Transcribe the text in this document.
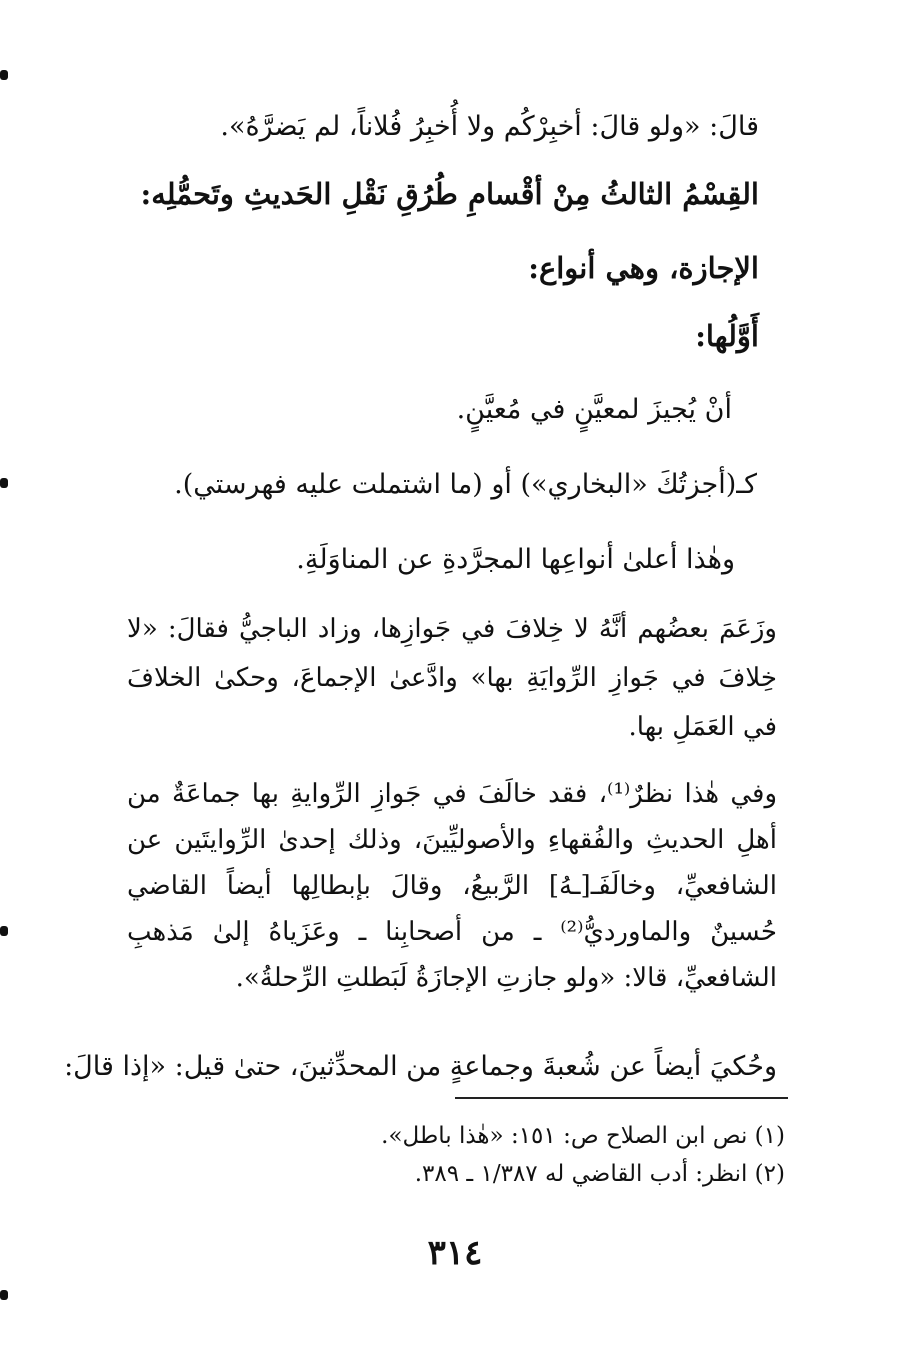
قالَ: «ولو قالَ: أخبِرْكُم ولا أُخبِرُ فُلاناً، لم يَضرَّهُ».
القِسْمُ الثالثُ مِنْ أقْسامِ طُرُقِ نَقْلِ الحَديثِ وتَحمُّلِه:
الإجازة، وهي أنواع:
أَوَّلُها:
أنْ يُجيزَ لمعيَّنٍ في مُعيَّنٍ.
كـ(أجزتُكَ «البخاري») أو (ما اشتملت عليه فهرستي).
وهٰذا أعلىٰ أنواعِها المجرَّدةِ عن المناوَلَةِ.
وزَعَمَ بعضُهم أنَّهُ لا خِلافَ في جَوازِها، وزاد الباجيُّ فقالَ: «لا خِلافَ في جَوازِ الرِّوايَةِ بها» وادَّعىٰ الإجماعَ، وحكىٰ الخلافَ في العَمَلِ بها.
وفي هٰذا نظرٌ⁽¹⁾، فقد خالَفَ في جَوازِ الرِّوايةِ بها جماعَةٌ من أهلِ الحديثِ والفُقهاءِ والأصوليِّينَ، وذلك إحدىٰ الرِّوايتَين عن الشافعيِّ، وخالَفَـ[ـهُ] الرَّبيعُ، وقالَ بإبطالِها أيضاً القاضي حُسينٌ والماورديُّ⁽²⁾ ـ من أصحابِنا ـ وعَزَياهُ إلىٰ مَذهبِ الشافعيِّ، قالا: «ولو جازتِ الإجازَةُ لَبَطلتِ الرِّحلةُ».
وحُكيَ أيضاً عن شُعبةَ وجماعةٍ من المحدِّثينَ، حتىٰ قيل: «إذا قالَ:
(١) نص ابن الصلاح ص: ١٥١: «هٰذا باطل».
(٢) انظر: أدب القاضي له ١/٣٨٧ ـ ٣٨٩.
٣١٤
